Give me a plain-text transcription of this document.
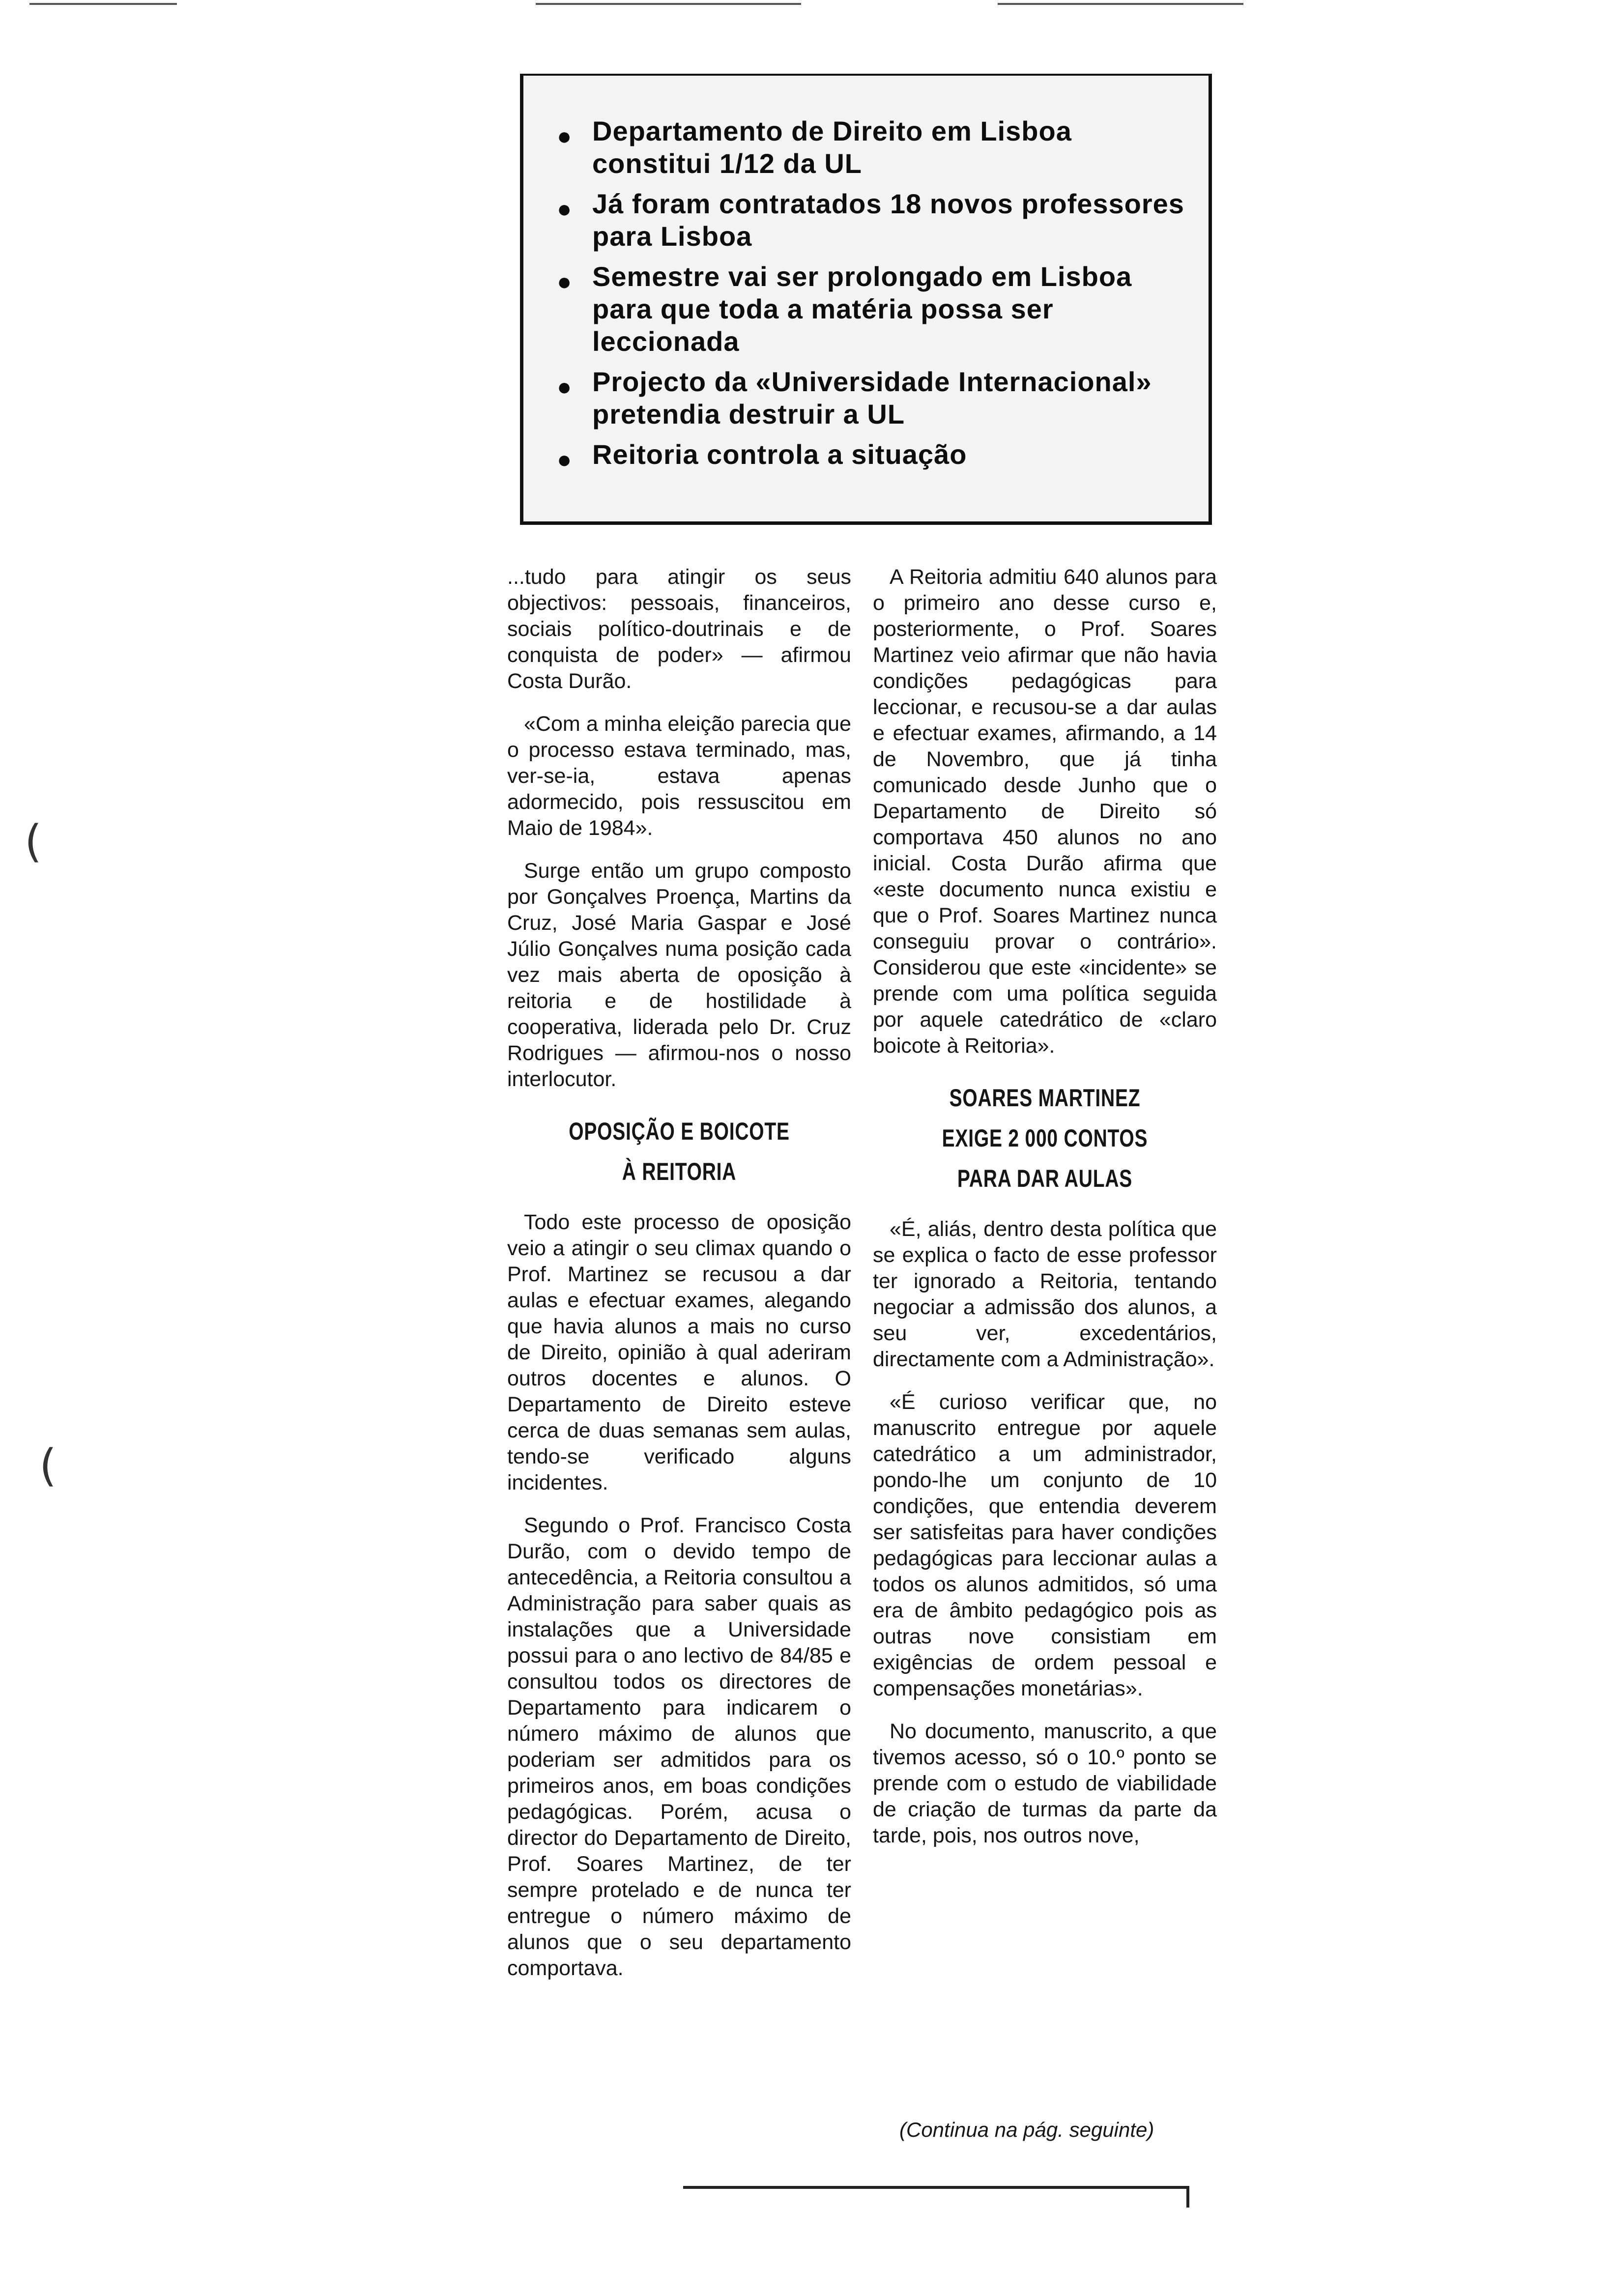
(
(
● Departamento de Direito em Lisboa constitui 1/12 da UL
● Já foram contratados 18 novos professores para Lisboa
● Semestre vai ser prolongado em Lisboa para que toda a matéria possa ser leccionada
● Projecto da «Universidade Internacional» pretendia destruir a UL
● Reitoria controla a situação

...tudo para atingir os seus objectivos: pessoais, financeiros, sociais político-doutrinais e de conquista de poder» — afirmou Costa Durão.

«Com a minha eleição parecia que o processo estava terminado, mas, ver-se-ia, estava apenas adormecido, pois ressuscitou em Maio de 1984».

Surge então um grupo composto por Gonçalves Proença, Martins da Cruz, José Maria Gaspar e José Júlio Gonçalves numa posição cada vez mais aberta de oposição à reitoria e de hostilidade à cooperativa, liderada pelo Dr. Cruz Rodrigues — afirmou-nos o nosso interlocutor.

OPOSIÇÃO E BOICOTE
À REITORIA

Todo este processo de oposição veio a atingir o seu climax quando o Prof. Martinez se recusou a dar aulas e efectuar exames, alegando que havia alunos a mais no curso de Direito, opinião à qual aderiram outros docentes e alunos. O Departamento de Direito esteve cerca de duas semanas sem aulas, tendo-se verificado alguns incidentes.

Segundo o Prof. Francisco Costa Durão, com o devido tempo de antecedência, a Reitoria consultou a Administração para saber quais as instalações que a Universidade possui para o ano lectivo de 84/85 e consultou todos os directores de Departamento para indicarem o número máximo de alunos que poderiam ser admitidos para os primeiros anos, em boas condições pedagógicas. Porém, acusa o director do Departamento de Direito, Prof. Soares Martinez, de ter sempre protelado e de nunca ter entregue o número máximo de alunos que o seu departamento comportava.

A Reitoria admitiu 640 alunos para o primeiro ano desse curso e, posteriormente, o Prof. Soares Martinez veio afirmar que não havia condições pedagógicas para leccionar, e recusou-se a dar aulas e efectuar exames, afirmando, a 14 de Novembro, que já tinha comunicado desde Junho que o Departamento de Direito só comportava 450 alunos no ano inicial. Costa Durão afirma que «este documento nunca existiu e que o Prof. Soares Martinez nunca conseguiu provar o contrário». Considerou que este «incidente» se prende com uma política seguida por aquele catedrático de «claro boicote à Reitoria».

SOARES MARTINEZ
EXIGE 2 000 CONTOS
PARA DAR AULAS

«É, aliás, dentro desta política que se explica o facto de esse professor ter ignorado a Reitoria, tentando negociar a admissão dos alunos, a seu ver, excedentários, directamente com a Administração».

«É curioso verificar que, no manuscrito entregue por aquele catedrático a um administrador, pondo-lhe um conjunto de 10 condições, que entendia deverem ser satisfeitas para haver condições pedagógicas para leccionar aulas a todos os alunos admitidos, só uma era de âmbito pedagógico pois as outras nove consistiam em exigências de ordem pessoal e compensações monetárias».

No documento, manuscrito, a que tivemos acesso, só o 10.º ponto se prende com o estudo de viabilidade de criação de turmas da parte da tarde, pois, nos outros nove,

(Continua na pág. seguinte)
